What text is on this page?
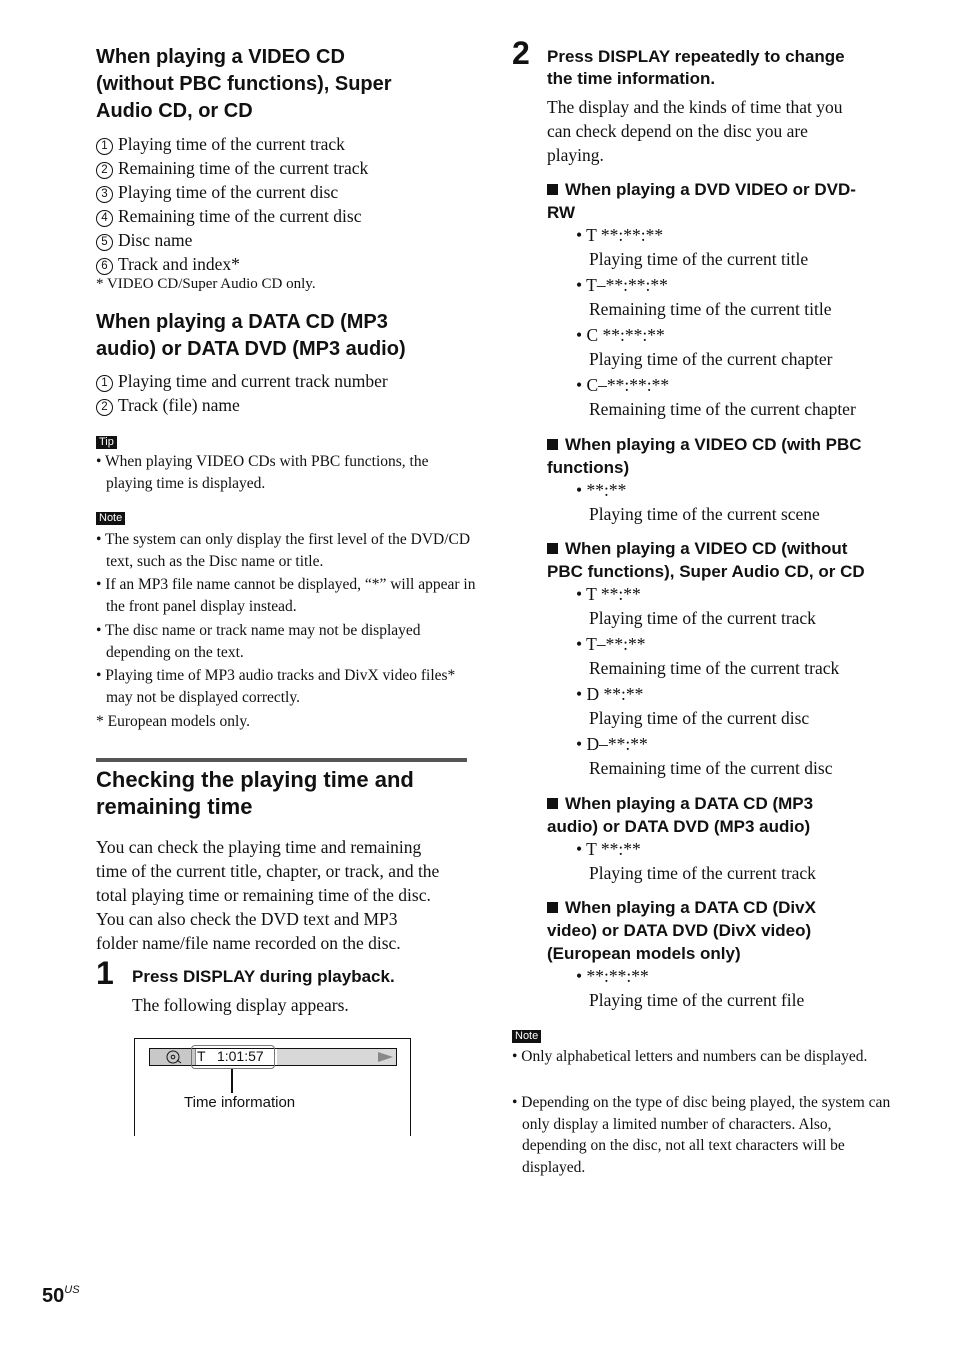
When playing a VIDEO CD
(without PBC functions), Super
Audio CD, or CD
1 Playing time of the current track
2 Remaining time of the current track
3 Playing time of the current disc
4 Remaining time of the current disc
5 Disc name
6 Track and index*
* VIDEO CD/Super Audio CD only.
When playing a DATA CD (MP3
audio) or DATA DVD (MP3 audio)
1 Playing time and current track number
2 Track (file) name
Tip
• When playing VIDEO CDs with PBC functions, the playing time is displayed.
Note
• The system can only display the first level of the DVD/CD text, such as the Disc name or title.
• If an MP3 file name cannot be displayed, “*” will appear in the front panel display instead.
• The disc name or track name may not be displayed depending on the text.
• Playing time of MP3 audio tracks and DivX video files* may not be displayed correctly.
* European models only.
Checking the playing time and
remaining time
You can check the playing time and remaining
time of the current title, chapter, or track, and the
total playing time or remaining time of the disc.
You can also check the DVD text and MP3
folder name/file name recorded on the disc.
1 Press DISPLAY during playback.
The following display appears.
T   1:01:57
Time information
2 Press DISPLAY repeatedly to change
the time information.
The display and the kinds of time that you
can check depend on the disc you are
playing.
When playing a DVD VIDEO or DVD-
RW
• T **:**:**
Playing time of the current title
• T–**:**:**
Remaining time of the current title
• C **:**:**
Playing time of the current chapter
• C–**:**:**
Remaining time of the current chapter
When playing a VIDEO CD (with PBC
functions)
• **:**
Playing time of the current scene
When playing a VIDEO CD (without
PBC functions), Super Audio CD, or CD
• T **:**
Playing time of the current track
• T–**:**
Remaining time of the current track
• D **:**
Playing time of the current disc
• D–**:**
Remaining time of the current disc
When playing a DATA CD (MP3
audio) or DATA DVD (MP3 audio)
• T **:**
Playing time of the current track
When playing a DATA CD (DivX
video) or DATA DVD (DivX video)
(European models only)
• **:**:**
Playing time of the current file
Note
• Only alphabetical letters and numbers can be displayed.
• Depending on the type of disc being played, the system can only display a limited number of characters. Also, depending on the disc, not all text characters will be displayed.
$50^{US}$
